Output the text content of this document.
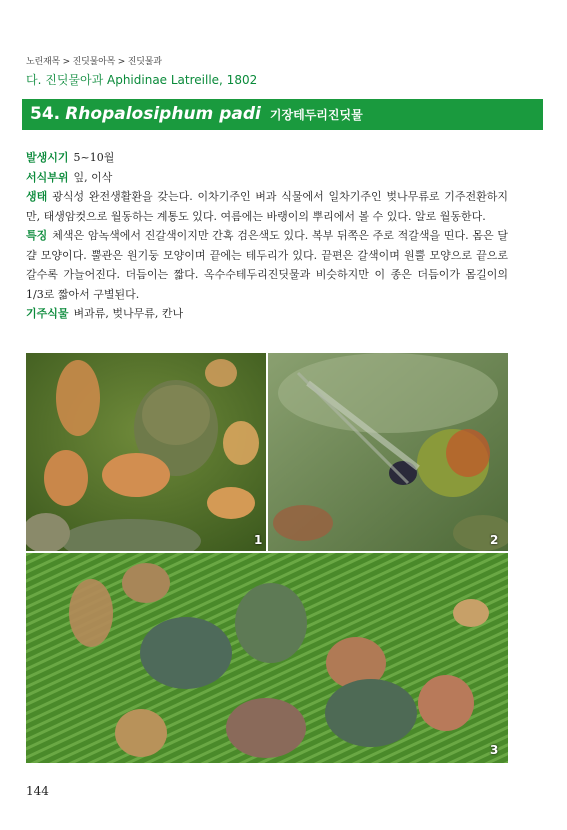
노린재목 > 진딧물아목 > 진딧물과
다. 진딧물아과 Aphidinae Latreille, 1802
54. Rhopalosiphum padi 기장테두리진딧물

발생시기 5~10월

서식부위 잎, 이삭

생태 광식성 완전생활환을 갖는다. 이차기주인 벼과 식물에서 일차기주인 벚나무류로 기주전환하지만, 태생암컷으로 월동하는 계통도 있다. 여름에는 바랭이의 뿌리에서 볼 수 있다. 알로 월동한다.

특징 체색은 암녹색에서 진갈색이지만 간혹 검은색도 있다. 복부 뒤쪽은 주로 적갈색을 띤다. 몸은 달걀 모양이다. 뿔관은 원기둥 모양이며 끝에는 테두리가 있다. 끝편은 갈색이며 원뿔 모양으로 끝으로 갈수록 가늘어진다. 더듬이는 짧다. 옥수수테두리진딧물과 비슷하지만 이 종은 더듬이가 몸길이의 1/3로 짧아서 구별된다.

기주식물 벼과류, 벚나무류, 칸나

1	2
3
144
